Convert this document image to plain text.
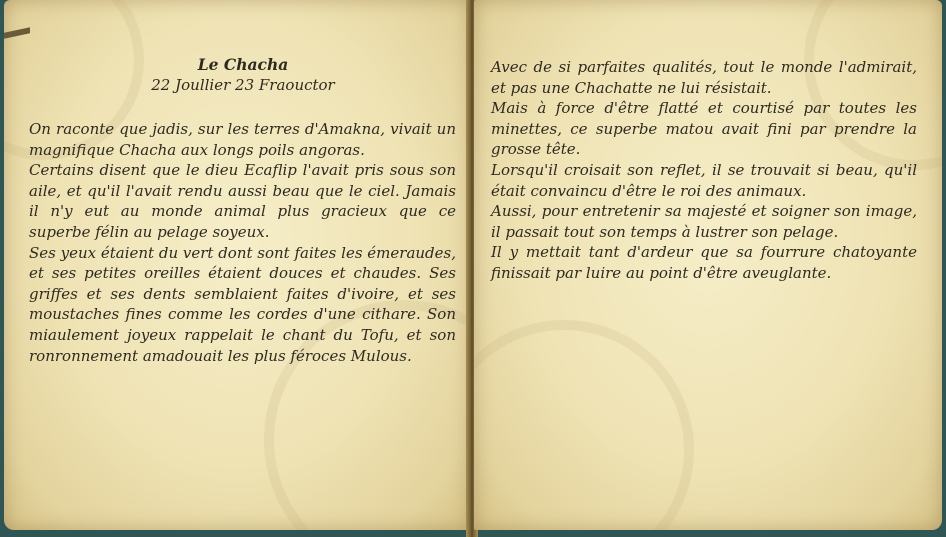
Le Chacha
22 Joullier 23 Fraouctor

On raconte que jadis, sur les terres d'Amakna, vivait un magnifique Chacha aux longs poils angoras.

Certains disent que le dieu Ecaflip l'avait pris sous son aile, et qu'il l'avait rendu aussi beau que le ciel. Jamais il n'y eut au monde animal plus gracieux que ce superbe félin au pelage soyeux.

Ses yeux étaient du vert dont sont faites les émeraudes, et ses petites oreilles étaient douces et chaudes. Ses griffes et ses dents semblaient faites d'ivoire, et ses moustaches fines comme les cordes d'une cithare. Son miaulement joyeux rappelait le chant du Tofu, et son ronronnement amadouait les plus féroces Mulous.

Avec de si parfaites qualités, tout le monde l'admirait, et pas une Chachatte ne lui résistait.

Mais à force d'être flatté et courtisé par toutes les minettes, ce superbe matou avait fini par prendre la grosse tête.

Lorsqu'il croisait son reflet, il se trouvait si beau, qu'il était convaincu d'être le roi des animaux.

Aussi, pour entretenir sa majesté et soigner son image, il passait tout son temps à lustrer son pelage.

Il y mettait tant d'ardeur que sa fourrure chatoyante finissait par luire au point d'être aveuglante.
